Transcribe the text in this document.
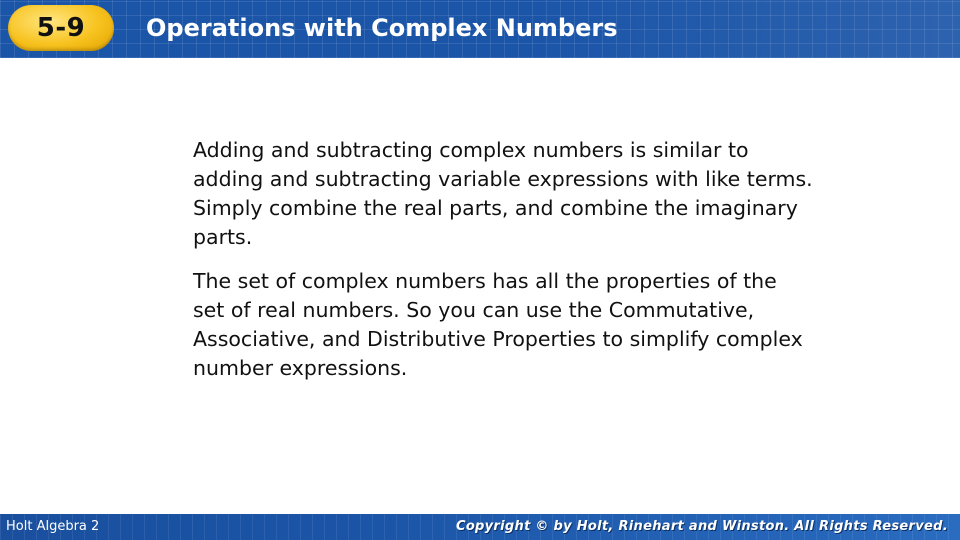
5-9	Operations with Complex Numbers

Adding and subtracting complex numbers is similar to adding and subtracting variable expressions with like terms. Simply combine the real parts, and combine the imaginary parts.

The set of complex numbers has all the properties of the set of real numbers. So you can use the Commutative, Associative, and Distributive Properties to simplify complex number expressions.

Holt Algebra 2	Copyright © by Holt, Rinehart and Winston. All Rights Reserved.
